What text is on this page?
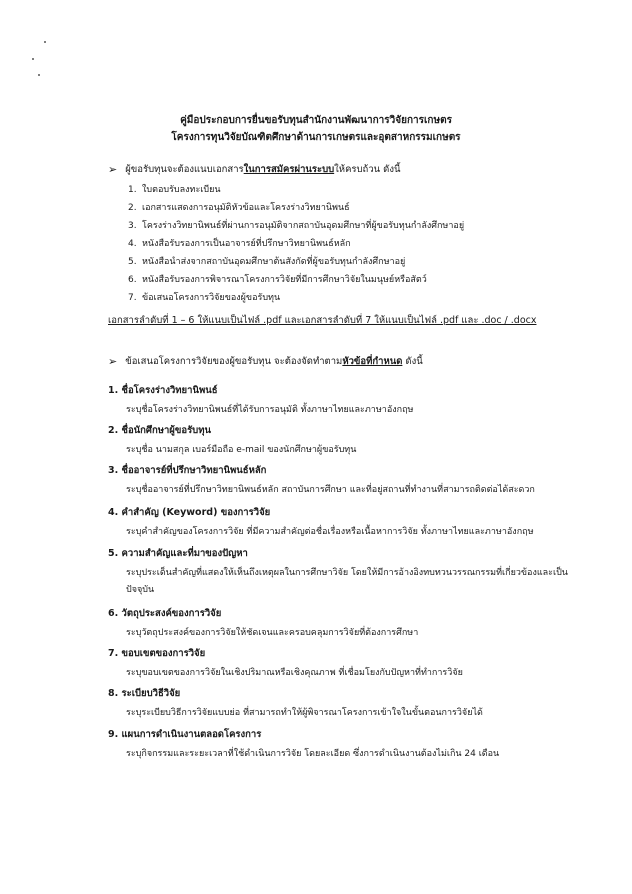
คู่มือประกอบการยื่นขอรับทุนสำนักงานพัฒนาการวิจัยการเกษตร

โครงการทุนวิจัยบัณฑิตศึกษาด้านการเกษตรและอุตสาหกรรมเกษตร

➢ ผู้ขอรับทุนจะต้องแนบเอกสารในการสมัครผ่านระบบให้ครบถ้วน ดังนี้
1. ใบตอบรับลงทะเบียน
2. เอกสารแสดงการอนุมัติหัวข้อและโครงร่างวิทยานิพนธ์
3. โครงร่างวิทยานิพนธ์ที่ผ่านการอนุมัติจากสถาบันอุดมศึกษาที่ผู้ขอรับทุนกำลังศึกษาอยู่
4. หนังสือรับรองการเป็นอาจารย์ที่ปรึกษาวิทยานิพนธ์หลัก
5. หนังสือนำส่งจากสถาบันอุดมศึกษาต้นสังกัดที่ผู้ขอรับทุนกำลังศึกษาอยู่
6. หนังสือรับรองการพิจารณาโครงการวิจัยที่มีการศึกษาวิจัยในมนุษย์หรือสัตว์
7. ข้อเสนอโครงการวิจัยของผู้ขอรับทุน
เอกสารลำดับที่ 1 – 6 ให้แนบเป็นไฟล์ .pdf และเอกสารลำดับที่ 7 ให้แนบเป็นไฟล์ .pdf และ .doc / .docx
➢ ข้อเสนอโครงการวิจัยของผู้ขอรับทุน จะต้องจัดทำตามหัวข้อที่กำหนด ดังนี้
1. ชื่อโครงร่างวิทยานิพนธ์
ระบุชื่อโครงร่างวิทยานิพนธ์ที่ได้รับการอนุมัติ ทั้งภาษาไทยและภาษาอังกฤษ
2. ชื่อนักศึกษาผู้ขอรับทุน
ระบุชื่อ นามสกุล เบอร์มือถือ e-mail ของนักศึกษาผู้ขอรับทุน
3. ชื่ออาจารย์ที่ปรึกษาวิทยานิพนธ์หลัก
ระบุชื่ออาจารย์ที่ปรึกษาวิทยานิพนธ์หลัก สถาบันการศึกษา และที่อยู่สถานที่ทำงานที่สามารถติดต่อได้สะดวก
4. คำสำคัญ (Keyword) ของการวิจัย
ระบุคำสำคัญของโครงการวิจัย ที่มีความสำคัญต่อชื่อเรื่องหรือเนื้อหาการวิจัย ทั้งภาษาไทยและภาษาอังกฤษ
5. ความสำคัญและที่มาของปัญหา
ระบุประเด็นสำคัญที่แสดงให้เห็นถึงเหตุผลในการศึกษาวิจัย โดยให้มีการอ้างอิงทบทวนวรรณกรรมที่เกี่ยวข้องและเป็นปัจจุบัน
6. วัตถุประสงค์ของการวิจัย
ระบุวัตถุประสงค์ของการวิจัยให้ชัดเจนและครอบคลุมการวิจัยที่ต้องการศึกษา
7. ขอบเขตของการวิจัย
ระบุขอบเขตของการวิจัยในเชิงปริมาณหรือเชิงคุณภาพ ที่เชื่อมโยงกับปัญหาที่ทำการวิจัย
8. ระเบียบวิธีวิจัย
ระบุระเบียบวิธีการวิจัยแบบย่อ ที่สามารถทำให้ผู้พิจารณาโครงการเข้าใจในขั้นตอนการวิจัยได้
9. แผนการดำเนินงานตลอดโครงการ
ระบุกิจกรรมและระยะเวลาที่ใช้ดำเนินการวิจัย โดยละเอียด ซึ่งการดำเนินงานต้องไม่เกิน 24 เดือน
